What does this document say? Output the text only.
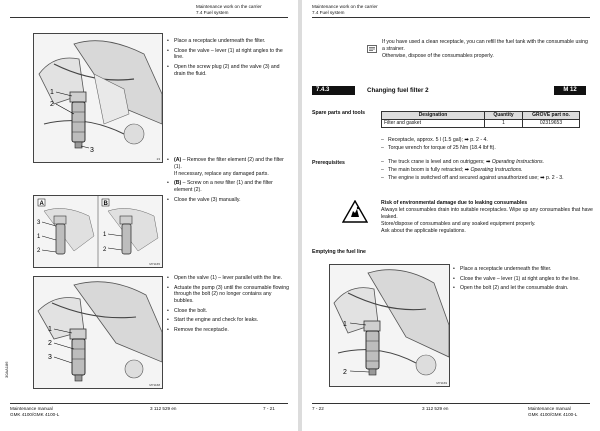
Maintenance work on the carrier
7.4 Fuel system
1
2
3
23
• Place a receptacle underneath the filter.
• Close the valve – lever (1) at right angles to the line.
• Open the screw plug (2) and the valve (3) and drain the fluid.
A	B
3
1
2
1
2
M71165
• (A) – Remove the filter element (2) and the filter (1).
If necessary, replace any damaged parts.
• (B) – Screw on a new filter (1) and the filter element (2).
• Close the valve (3) manually.
1
2
3
M71168
• Open the valve (1) – lever parallel with the line.
• Actuate the pump (3) until the consumable flowing through the bolt (2) no longer contains any bubbles.
• Close the bolt.
• Start the engine and check for leaks.
• Remove the receptacle.
30AA186
Maintenance manual
GMK 4100/GMK 4100-L
3 112 529 en	7 - 21
Maintenance work on the carrier
7.4 Fuel system
If you have used a clean receptacle, you can refill the fuel tank with the consumable using a strainer.
Otherwise, dispose of the consumables properly.
7.4.3	Changing fuel filter 2	M 12
Spare parts and tools	Designation	Quantity	GROVE part no.
Filter and gasket	1	02319653
– Receptacle, approx. 5 l (1.5 gal); ➡ p. 2 - 4.
– Torque wrench for torque of 25 Nm (18.4 lbf ft).
Prerequisites	– The truck crane is level and on outriggers; ➡ Operating Instructions.
– The main boom is fully retracted; ➡ Operating Instructions.
– The engine is switched off and secured against unauthorized use; ➡ p. 2 - 3.
Risk of environmental damage due to leaking consumables
Always let consumables drain into suitable receptacles. Wipe up any consumables that have leaked.
Store/dispose of consumables and any soaked equipment properly.
Ask about the applicable regulations.
Emptying the fuel line
1
2
M71169
• Place a receptacle underneath the filter.
• Close the valve – lever (1) at right angles to the line.
• Open the bolt (2) and let the consumable drain.
7 - 22	3 112 529 en	Maintenance manual
GMK 4100/GMK 4100-L
